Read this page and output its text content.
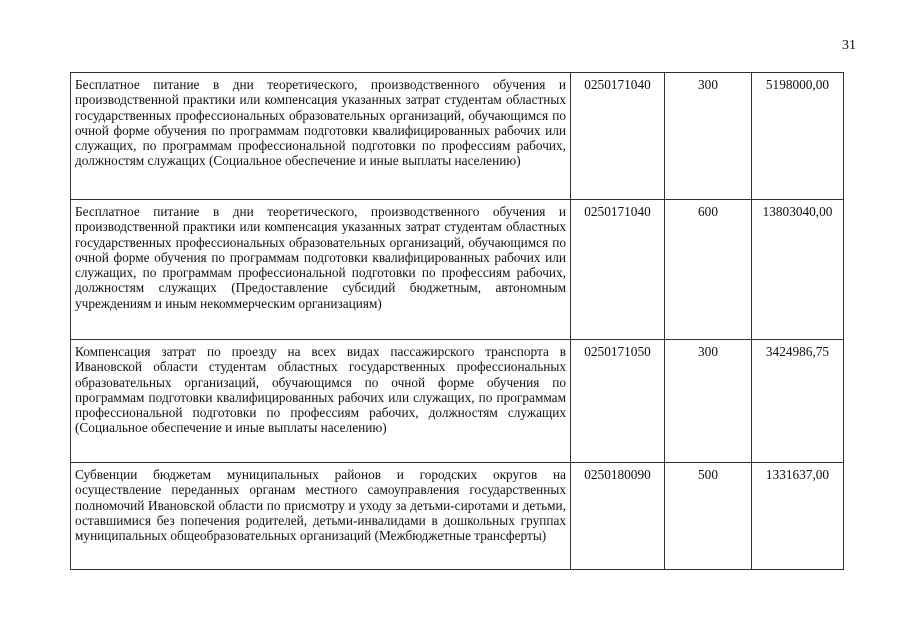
31
Бесплатное питание в дни теоретического, производственного обучения и производственной практики или компенсация указанных затрат студентам областных государственных профессиональных образовательных организаций, обучающимся по очной форме обучения по программам подготовки квалифицированных рабочих или служащих, по программам профессиональной подготовки по профессиям рабочих, должностям служащих (Социальное обеспечение и иные выплаты населению)	0250171040	300	5198000,00
Бесплатное питание в дни теоретического, производственного обучения и производственной практики или компенсация указанных затрат студентам областных государственных профессиональных образовательных организаций, обучающимся по очной форме обучения по программам подготовки квалифицированных рабочих или служащих, по программам профессиональной подготовки по профессиям рабочих, должностям служащих (Предоставление субсидий бюджетным, автономным учреждениям и иным некоммерческим организациям)	0250171040	600	13803040,00
Компенсация затрат по проезду на всех видах пассажирского транспорта в Ивановской области студентам областных государственных профессиональных образовательных организаций, обучающимся по очной форме обучения по программам подготовки квалифицированных рабочих или служащих, по программам профессиональной подготовки по профессиям рабочих, должностям служащих (Социальное обеспечение и иные выплаты населению)	0250171050	300	3424986,75
Субвенции бюджетам муниципальных районов и городских округов на осуществление переданных органам местного самоуправления государственных полномочий Ивановской области по присмотру и уходу за детьми-сиротами и детьми, оставшимися без попечения родителей, детьми-инвалидами в дошкольных группах муниципальных общеобразовательных организаций (Межбюджетные трансферты)	0250180090	500	1331637,00
